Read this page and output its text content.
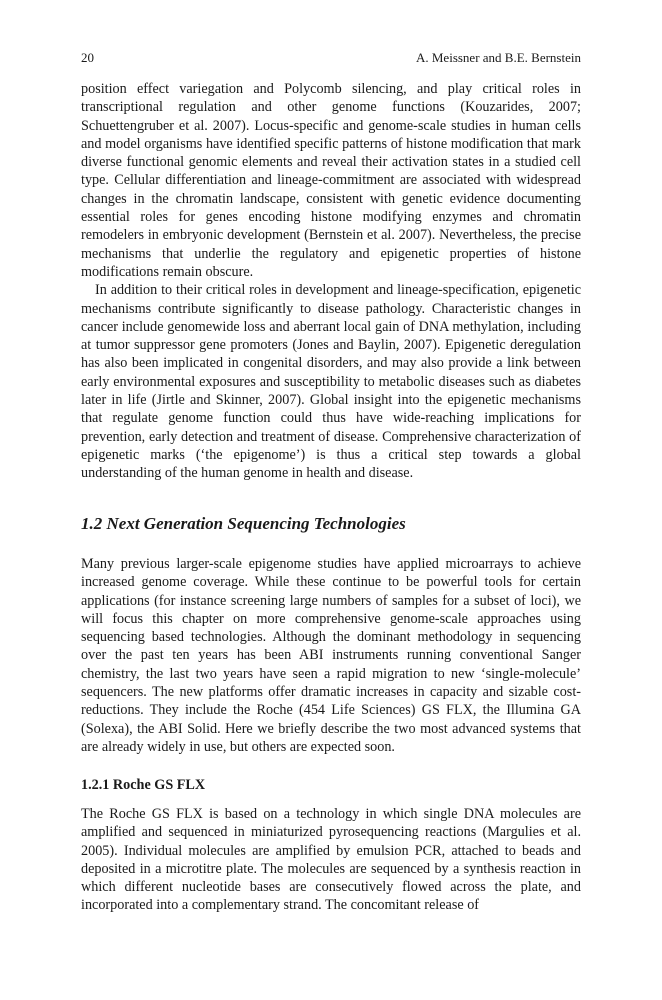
20	A. Meissner and B.E. Bernstein

position effect variegation and Polycomb silencing, and play critical roles in transcriptional regulation and other genome functions (Kouzarides, 2007; Schuettengruber et al. 2007). Locus-specific and genome-scale studies in human cells and model organisms have identified specific patterns of histone modification that mark diverse functional genomic elements and reveal their activation states in a studied cell type. Cellular differentiation and lineage-commitment are associated with widespread changes in the chromatin landscape, consistent with genetic evidence documenting essential roles for genes encoding histone modifying enzymes and chromatin remodelers in embryonic development (Bernstein et al. 2007). Nevertheless, the precise mechanisms that underlie the regulatory and epigenetic properties of histone modifications remain obscure.

In addition to their critical roles in development and lineage-specification, epigenetic mechanisms contribute significantly to disease pathology. Characteristic changes in cancer include genomewide loss and aberrant local gain of DNA methylation, including at tumor suppressor gene promoters (Jones and Baylin, 2007). Epigenetic deregulation has also been implicated in congenital disorders, and may also provide a link between early environmental exposures and susceptibility to metabolic diseases such as diabetes later in life (Jirtle and Skinner, 2007). Global insight into the epigenetic mechanisms that regulate genome function could thus have wide-reaching implications for prevention, early detection and treatment of disease. Comprehensive characterization of epigenetic marks (‘the epigenome’) is thus a critical step towards a global understanding of the human genome in health and disease.

1.2 Next Generation Sequencing Technologies

Many previous larger-scale epigenome studies have applied microarrays to achieve increased genome coverage. While these continue to be powerful tools for certain applications (for instance screening large numbers of samples for a subset of loci), we will focus this chapter on more comprehensive genome-scale approaches using sequencing based technologies. Although the dominant methodology in sequencing over the past ten years has been ABI instruments running conventional Sanger chemistry, the last two years have seen a rapid migration to new ‘single-molecule’ sequencers. The new platforms offer dramatic increases in capacity and sizable cost-reductions. They include the Roche (454 Life Sciences) GS FLX, the Illumina GA (Solexa), the ABI Solid. Here we briefly describe the two most advanced systems that are already widely in use, but others are expected soon.

1.2.1 Roche GS FLX

The Roche GS FLX is based on a technology in which single DNA molecules are amplified and sequenced in miniaturized pyrosequencing reactions (Margulies et al. 2005). Individual molecules are amplified by emulsion PCR, attached to beads and deposited in a microtitre plate. The molecules are sequenced by a synthesis reaction in which different nucleotide bases are consecutively flowed across the plate, and incorporated into a complementary strand. The concomitant release of
